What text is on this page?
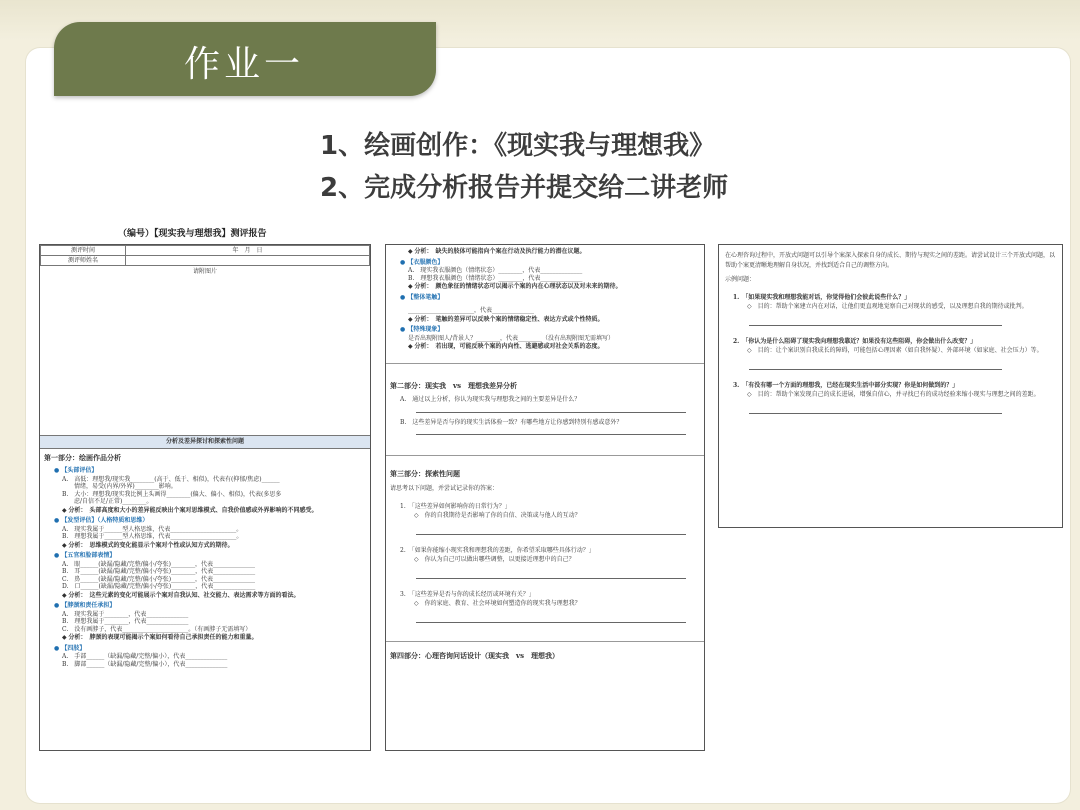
作业一
1、绘画创作：《现实我与理想我》
2、完成分析报告并提交给二讲老师
（编号）【现实我与理想我】测评报告
测评时间	年　月　日
测评师姓名	
请附图片
分析及差异探讨和探索性问题
第一部分：绘画作品分析
● 【头部评估】
A.　高低：理想我/现实我________(高于、低于、相似)，代表有(抑郁/焦虑)______
　　情绪，易受(内界/外界)________影响。
B.　大小：理想我/现实我比例上头画得________(偏大、偏小、相似)，代表(多思多
　　虑/自信不足/正常)________。
◆ 分析：　头部高度和大小的差异能反映出个案对思维模式、自我价值感或外界影响的不同感受。
● 【发型评估】（人格特质和思维）
A.　现实我属于______型人格思维，代表______________________。
B.　理想我属于______型人格思维，代表______________________。
◆ 分析：　思维模式的变化能显示个案对个性或认知方式的期待。
● 【五官和脸部表情】
A.　眼______(缺漏/隐藏/完整/偏小/夸张)________，代表______________
B.　耳______(缺漏/隐藏/完整/偏小/夸张)________，代表______________
C.　鼻______(缺漏/隐藏/完整/偏小/夸张)________，代表______________
D.　口______(缺漏/隐藏/完整/偏小/夸张)________，代表______________
◆ 分析：　这些元素的变化可能展示个案对自我认知、社交能力、表达需求等方面的看法。
● 【脖颈和责任承担】
A.　现实我属于________，代表______________
B.　理想我属于________，代表______________
C.　没有画脖子，代表______________________。（有画脖子无需填写）
◆ 分析：　脖颈的表现可能揭示个案如何看待自己承担责任的能力和重量。
● 【四肢】
A.　手部______（缺漏/隐藏/完整/偏小），代表______________
B.　脚部______（缺漏/隐藏/完整/偏小），代表______________
◆ 分析：　缺失的肢体可能指向个案在行动及执行能力的潜在议题。
● 【衣服颜色】
A.　现实我衣服颜色（情绪状态）________，代表______________
B.　理想我衣服颜色（情绪状态）________，代表______________
◆ 分析：　颜色象征的情绪状态可以揭示个案的内在心理状态以及对未来的期待。
● 【整体笔触】
______________________，代表______________
◆ 分析：　笔触的差异可以反映个案的情绪稳定性、表达方式或个性特质。
● 【特殊现象】
是否出现附图人/背景人？________，代表________（没有出现附图无需填写）
◆ 分析：　若出现，可能反映个案的内向性、逃避感或对社会关系的态度。
第二部分：现实我　vs　理想我差异分析
A.　通过以上分析，你认为现实我与理想我之间的主要差异是什么？
B.　这些差异是否与你的现实生活体验一致？有哪些地方让你感到特别有感或意外？
第三部分：探索性问题
请思考以下问题，并尝试记录你的答案：
1.　「这些差异如何影响你的日常行为？」
◇　你的自我期待是否影响了你的自信、决策或与他人的互动？
2.　「如果你能缩小现实我和理想我的差距，你希望采取哪些具体行动？」
◇　你认为自己可以做出哪些调整，以更接近理想中的自己？
3.　「这些差异是否与你的成长经历或环境有关？」
◇　你的家庭、教育、社会环境如何塑造你的现实我与理想我？
第四部分：心理咨询问话设计（现实我　vs　理想我）
在心理咨询过程中，开放式问题可以引导个案深入探索自身的成长、期待与现实之间的差距。请尝试设计三个开放式问题，以帮助个案更清晰地理解自身状况，并找到适合自己的调整方向。
示例问题：
1.　「如果现实我和理想我能对话，你觉得他们会彼此说些什么？」
◇　目的：帮助个案建立内在对话，让他们更直观地觉察自己对现状的感受，以及理想自我的期待或批判。
2.　「你认为是什么阻碍了现实我向理想我靠近？如果没有这些阻碍，你会做出什么改变？」
◇　目的：让个案识别自我成长的障碍，可能包括心理因素（如自我怀疑）、外部环境（如家庭、社会压力）等。
3.　「有没有哪一个方面的理想我，已经在现实生活中部分实现？你是如何做到的？」
◇　目的：帮助个案发现自己的成长进展，增强自信心，并寻找已有的成功经验来缩小现实与理想之间的差距。
